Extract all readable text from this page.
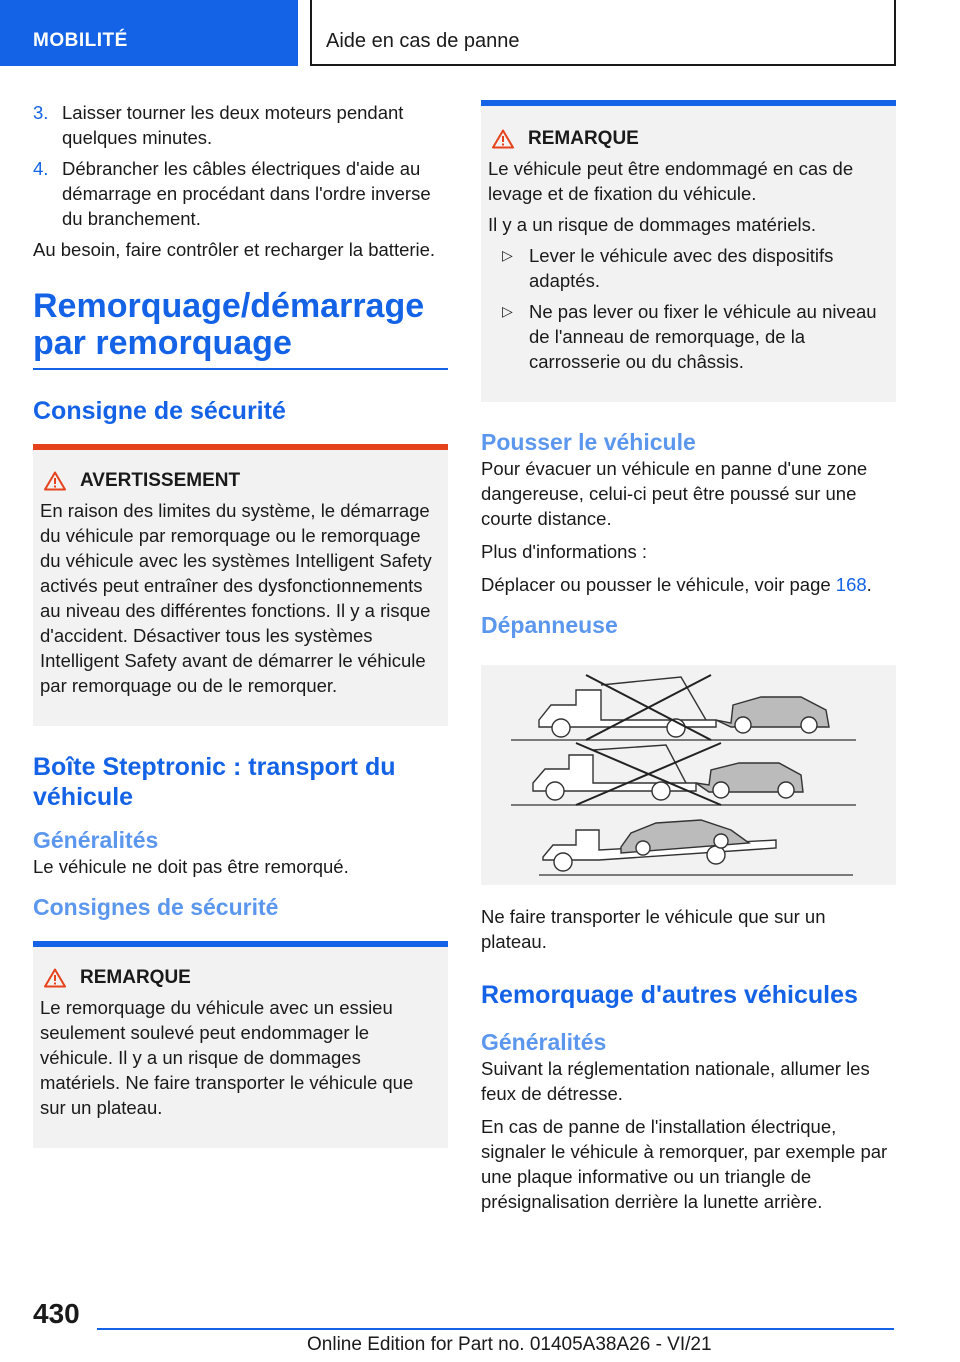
MOBILITÉ	Aide en cas de panne
3. Laisser tourner les deux moteurs pendant quelques minutes.
4. Débrancher les câbles électriques d'aide au démarrage en procédant dans l'ordre inverse du branchement.
Au besoin, faire contrôler et recharger la batterie.
Remorquage/démarrage par remorquage
Consigne de sécurité
AVERTISSEMENT
En raison des limites du système, le démarrage du véhicule par remorquage ou le remorquage du véhicule avec les systèmes Intelligent Safety activés peut entraîner des dysfonctionnements au niveau des différentes fonctions. Il y a risque d'accident. Désactiver tous les systèmes Intelligent Safety avant de démarrer le véhicule par remorquage ou de le remorquer.
Boîte Steptronic : transport du véhicule
Généralités
Le véhicule ne doit pas être remorqué.
Consignes de sécurité
REMARQUE
Le remorquage du véhicule avec un essieu seulement soulevé peut endommager le véhicule. Il y a un risque de dommages matériels. Ne faire transporter le véhicule que sur un plateau.
REMARQUE
Le véhicule peut être endommagé en cas de levage et de fixation du véhicule.
Il y a un risque de dommages matériels.
▷ Lever le véhicule avec des dispositifs adaptés.
▷ Ne pas lever ou fixer le véhicule au niveau de l'anneau de remorquage, de la carrosserie ou du châssis.
Pousser le véhicule
Pour évacuer un véhicule en panne d'une zone dangereuse, celui-ci peut être poussé sur une courte distance.
Plus d'informations :
Déplacer ou pousser le véhicule, voir page 168.
Dépanneuse
Ne faire transporter le véhicule que sur un plateau.
Remorquage d'autres véhicules
Généralités
Suivant la réglementation nationale, allumer les feux de détresse.
En cas de panne de l'installation électrique, signaler le véhicule à remorquer, par exemple par une plaque informative ou un triangle de présignalisation derrière la lunette arrière.
430
Online Edition for Part no. 01405A38A26 - VI/21
